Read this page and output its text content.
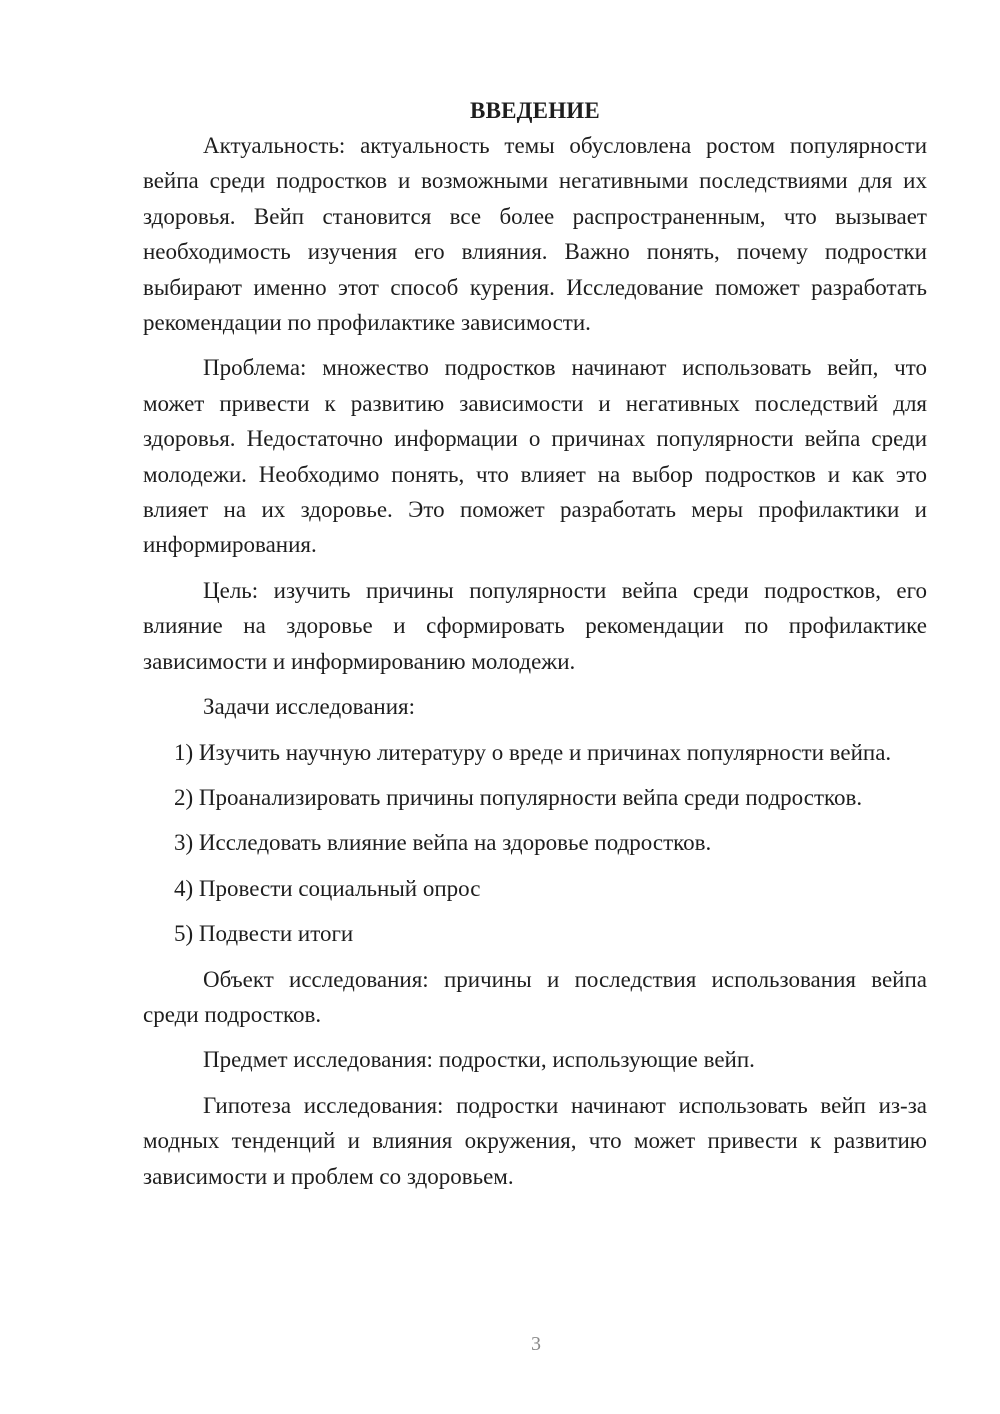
ВВЕДЕНИЕ

Актуальность: актуальность темы обусловлена ростом популярности вейпа среди подростков и возможными негативными последствиями для их здоровья. Вейп становится все более распространенным, что вызывает необходимость изучения его влияния. Важно понять, почему подростки выбирают именно этот способ курения. Исследование поможет разработать рекомендации по профилактике зависимости.

Проблема: множество подростков начинают использовать вейп, что может привести к развитию зависимости и негативных последствий для здоровья. Недостаточно информации о причинах популярности вейпа среди молодежи. Необходимо понять, что влияет на выбор подростков и как это влияет на их здоровье. Это поможет разработать меры профилактики и информирования.

Цель: изучить причины популярности вейпа среди подростков, его влияние на здоровье и сформировать рекомендации по профилактике зависимости и информированию молодежи.

Задачи исследования:

1) Изучить научную литературу о вреде и причинах популярности вейпа.

2) Проанализировать причины популярности вейпа среди подростков.

3) Исследовать влияние вейпа на здоровье подростков.

4) Провести социальный опрос

5) Подвести итоги

Объект исследования: причины и последствия использования вейпа среди подростков.

Предмет исследования: подростки, использующие вейп.

Гипотеза исследования: подростки начинают использовать вейп из-за модных тенденций и влияния окружения, что может привести к развитию зависимости и проблем со здоровьем.

3
